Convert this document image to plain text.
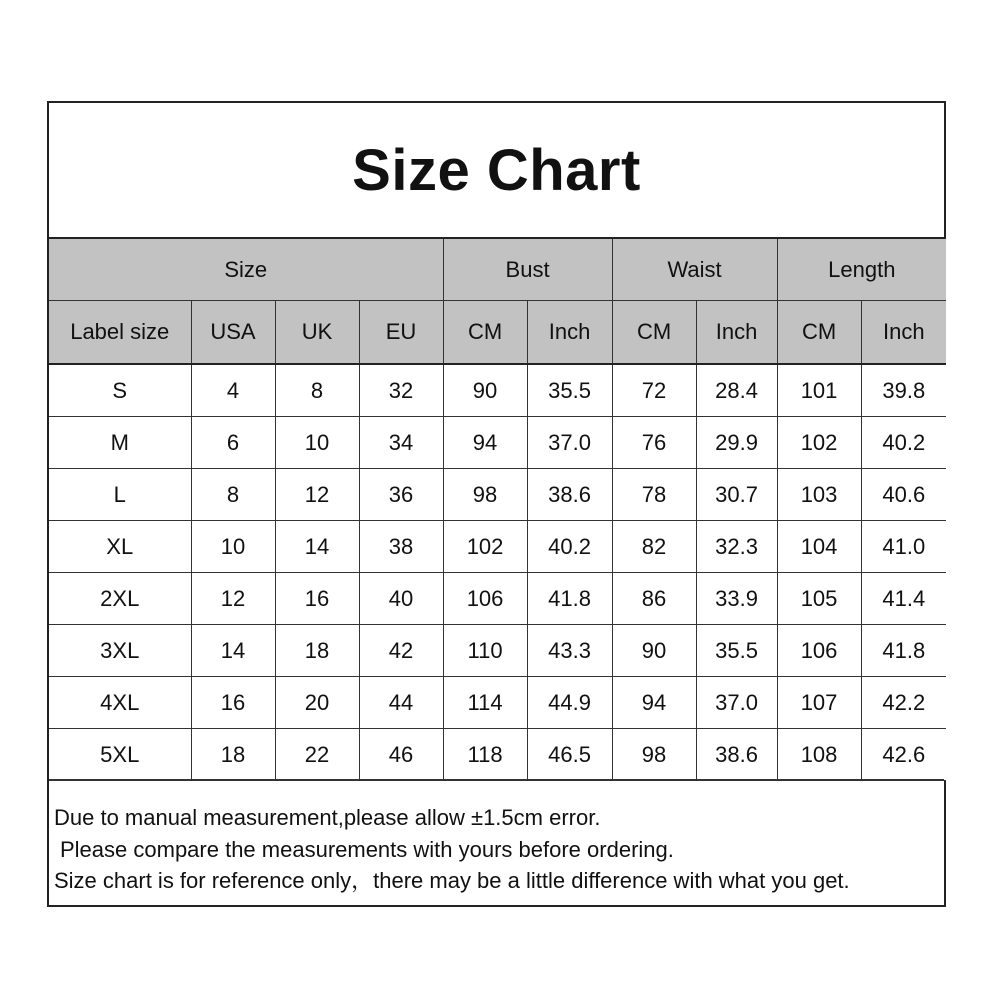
Size Chart
Size				Bust		Waist		Length	
Label size	USA	UK	EU	CM	Inch	CM	Inch	CM	Inch
S	4	8	32	90	35.5	72	28.4	101	39.8
M	6	10	34	94	37.0	76	29.9	102	40.2
L	8	12	36	98	38.6	78	30.7	103	40.6
XL	10	14	38	102	40.2	82	32.3	104	41.0
2XL	12	16	40	106	41.8	86	33.9	105	41.4
3XL	14	18	42	110	43.3	90	35.5	106	41.8
4XL	16	20	44	114	44.9	94	37.0	107	42.2
5XL	18	22	46	118	46.5	98	38.6	108	42.6

Due to manual measurement,please allow ±1.5cm error.

Please compare the measurements with yours before ordering.

Size chart is for reference only，there may be a little difference with what you get.
